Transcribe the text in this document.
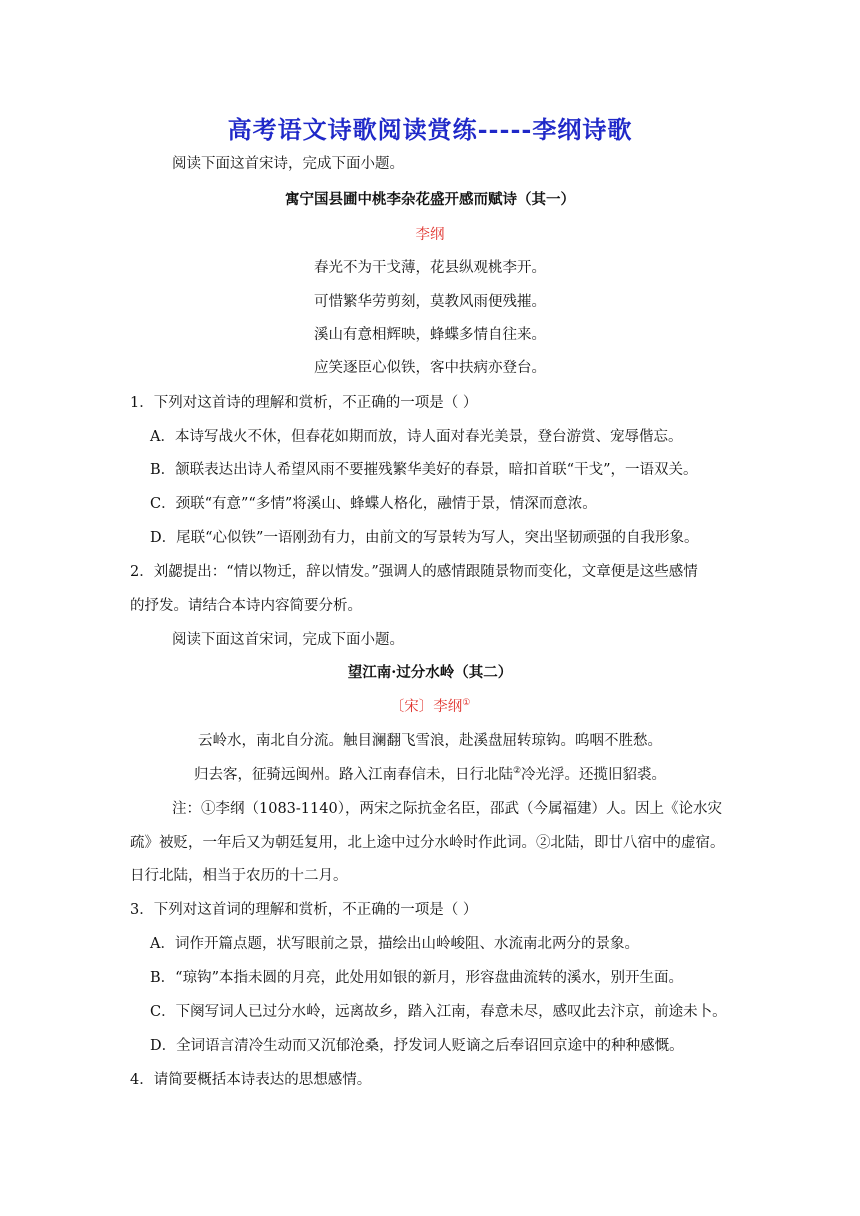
高考语文诗歌阅读赏练-----李纲诗歌
阅读下面这首宋诗，完成下面小题。
寓宁国县圃中桃李杂花盛开感而赋诗（其一）
李纲
春光不为干戈薄，花县纵观桃李开。
可惜繁华劳剪刻，莫教风雨便残摧。
溪山有意相辉映，蜂蝶多情自往来。
应笑逐臣心似铁，客中扶病亦登台。
1．下列对这首诗的理解和赏析，不正确的一项是（ ）
A．本诗写战火不休，但春花如期而放，诗人面对春光美景，登台游赏、宠辱偕忘。
B．颔联表达出诗人希望风雨不要摧残繁华美好的春景，暗扣首联“干戈”，一语双关。
C．颈联“有意”“多情”将溪山、蜂蝶人格化，融情于景，情深而意浓。
D．尾联“心似铁”一语刚劲有力，由前文的写景转为写人，突出坚韧顽强的自我形象。
2．刘勰提出：“情以物迁，辞以情发。”强调人的感情跟随景物而变化，文章便是这些感情
的抒发。请结合本诗内容简要分析。
阅读下面这首宋词，完成下面小题。
望江南·过分水岭（其二）
〔宋〕李纲①
云岭水，南北自分流。触目澜翻飞雪浪，赴溪盘屈转琼钩。呜咽不胜愁。
归去客，征骑远闽州。路入江南春信未，日行北陆②冷光浮。还揽旧貂裘。
注：①李纲（1083-1140），两宋之际抗金名臣，邵武（今属福建）人。因上《论水灾
疏》被贬，一年后又为朝廷复用，北上途中过分水岭时作此词。②北陆，即廿八宿中的虚宿。
日行北陆，相当于农历的十二月。
3．下列对这首词的理解和赏析，不正确的一项是（ ）
A．词作开篇点题，状写眼前之景，描绘出山岭峻阻、水流南北两分的景象。
B．“琼钩”本指未圆的月亮，此处用如银的新月，形容盘曲流转的溪水，别开生面。
C．下阕写词人已过分水岭，远离故乡，踏入江南，春意未尽，感叹此去汴京，前途未卜。
D．全词语言清冷生动而又沉郁沧桑，抒发词人贬谪之后奉诏回京途中的种种感慨。
4．请简要概括本诗表达的思想感情。
